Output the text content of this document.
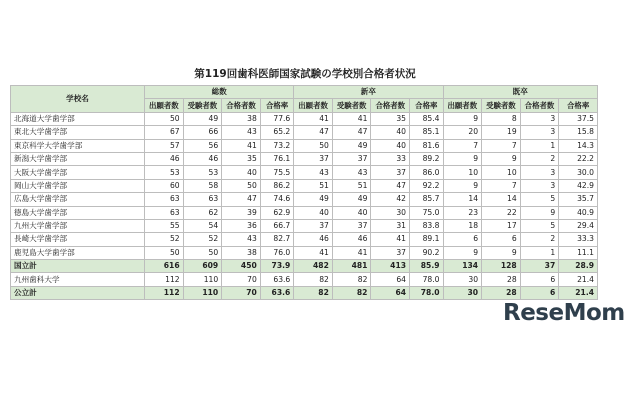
第119回歯科医師国家試験の学校別合格者状況
学校名	総数				新卒				既卒			
	出願者数	受験者数	合格者数	合格率	出願者数	受験者数	合格者数	合格率	出願者数	受験者数	合格者数	合格率
北海道大学歯学部	50	49	38	77.6	41	41	35	85.4	9	8	3	37.5
東北大学歯学部	67	66	43	65.2	47	47	40	85.1	20	19	3	15.8
東京科学大学歯学部	57	56	41	73.2	50	49	40	81.6	7	7	1	14.3
新潟大学歯学部	46	46	35	76.1	37	37	33	89.2	9	9	2	22.2
大阪大学歯学部	53	53	40	75.5	43	43	37	86.0	10	10	3	30.0
岡山大学歯学部	60	58	50	86.2	51	51	47	92.2	9	7	3	42.9
広島大学歯学部	63	63	47	74.6	49	49	42	85.7	14	14	5	35.7
徳島大学歯学部	63	62	39	62.9	40	40	30	75.0	23	22	9	40.9
九州大学歯学部	55	54	36	66.7	37	37	31	83.8	18	17	5	29.4
長崎大学歯学部	52	52	43	82.7	46	46	41	89.1	6	6	2	33.3
鹿児島大学歯学部	50	50	38	76.0	41	41	37	90.2	9	9	1	11.1
国立計	616	609	450	73.9	482	481	413	85.9	134	128	37	28.9
九州歯科大学	112	110	70	63.6	82	82	64	78.0	30	28	6	21.4
公立計	112	110	70	63.6	82	82	64	78.0	30	28	6	21.4
ReseMom
